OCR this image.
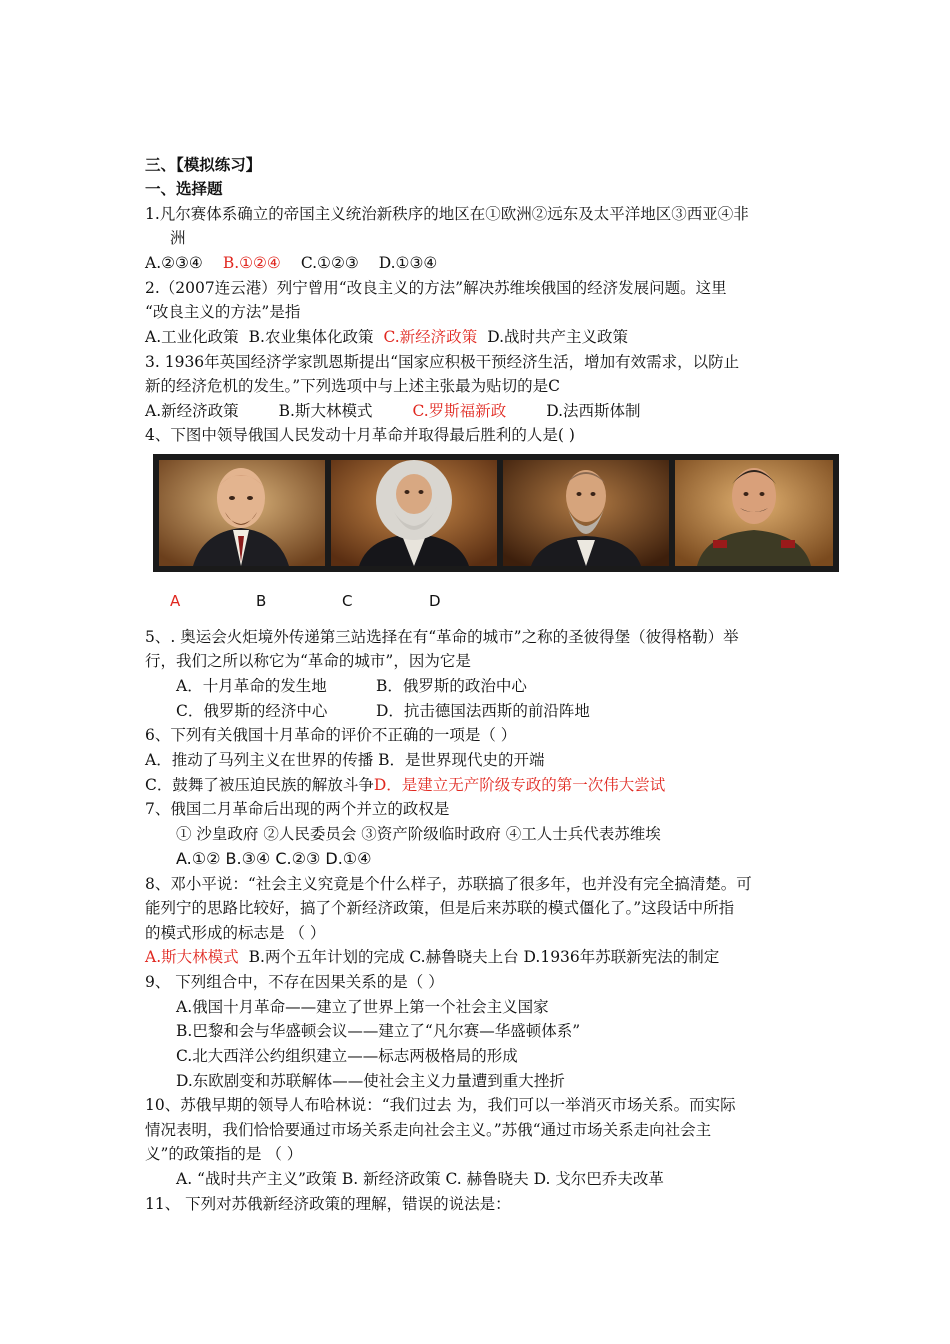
三、【模拟练习】
一、选择题
1.凡尔赛体系确立的帝国主义统治新秩序的地区在①欧洲②远东及太平洋地区③西亚④非
洲
A.②③④ B.①②④ C.①②③ D.①③④
2.（2007连云港）列宁曾用“改良主义的方法”解决苏维埃俄国的经济发展问题。这里
“改良主义的方法”是指
A.工业化政策 B.农业集体化政策 C.新经济政策 D.战时共产主义政策
3. 1936年英国经济学家凯恩斯提出“国家应积极干预经济生活，增加有效需求，以防止
新的经济危机的发生。”下列选项中与上述主张最为贴切的是C
A.新经济政策	B.斯大林模式	C.罗斯福新政	D.法西斯体制
4、下图中领导俄国人民发动十月革命并取得最后胜利的人是( )
A	B	C	D
5、. 奥运会火炬境外传递第三站选择在有“革命的城市”之称的圣彼得堡（彼得格勒）举
行，我们之所以称它为“革命的城市”，因为它是
A．十月革命的发生地	B．俄罗斯的政治中心
C．俄罗斯的经济中心	D．抗击德国法西斯的前沿阵地
6、下列有关俄国十月革命的评价不正确的一项是（ ）
A．推动了马列主义在世界的传播 B．是世界现代史的开端
C．鼓舞了被压迫民族的解放斗争D．是建立无产阶级专政的第一次伟大尝试
7、俄国二月革命后出现的两个并立的政权是
① 沙皇政府 ②人民委员会 ③资产阶级临时政府 ④工人士兵代表苏维埃
A.①② B.③④ C.②③ D.①④
8、邓小平说：“社会主义究竟是个什么样子，苏联搞了很多年，也并没有完全搞清楚。可
能列宁的思路比较好，搞了个新经济政策，但是后来苏联的模式僵化了。”这段话中所指
的模式形成的标志是 （ ）
A.斯大林模式 B.两个五年计划的完成 C.赫鲁晓夫上台 D.1936年苏联新宪法的制定
9、 下列组合中，不存在因果关系的是（ ）
A.俄国十月革命——建立了世界上第一个社会主义国家
B.巴黎和会与华盛顿会议——建立了“凡尔赛—华盛顿体系”
C.北大西洋公约组织建立——标志两极格局的形成
D.东欧剧变和苏联解体——使社会主义力量遭到重大挫折
10、苏俄早期的领导人布哈林说：“我们过去 为，我们可以一举消灭市场关系。而实际
情况表明，我们恰恰要通过市场关系走向社会主义。”苏俄“通过市场关系走向社会主
义”的政策指的是 （ ）
A. “战时共产主义”政策 B. 新经济政策 C. 赫鲁晓夫 D. 戈尔巴乔夫改革
11、 下列对苏俄新经济政策的理解，错误的说法是：
